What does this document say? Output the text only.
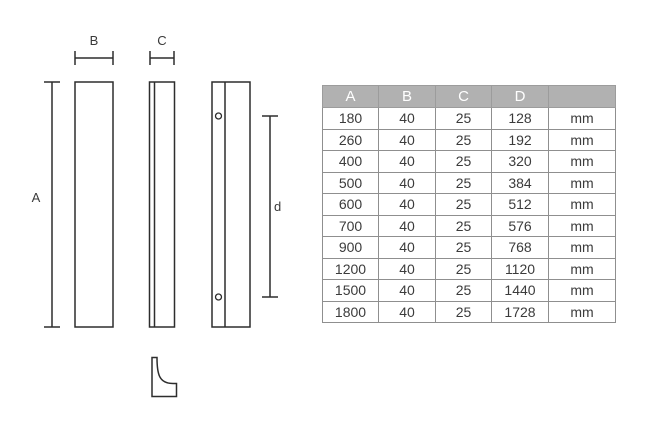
A
B	C
d
A	B	C	D	
180	40	25	128	mm
260	40	25	192	mm
400	40	25	320	mm
500	40	25	384	mm
600	40	25	512	mm
700	40	25	576	mm
900	40	25	768	mm
1200	40	25	1120	mm
1500	40	25	1440	mm
1800	40	25	1728	mm
